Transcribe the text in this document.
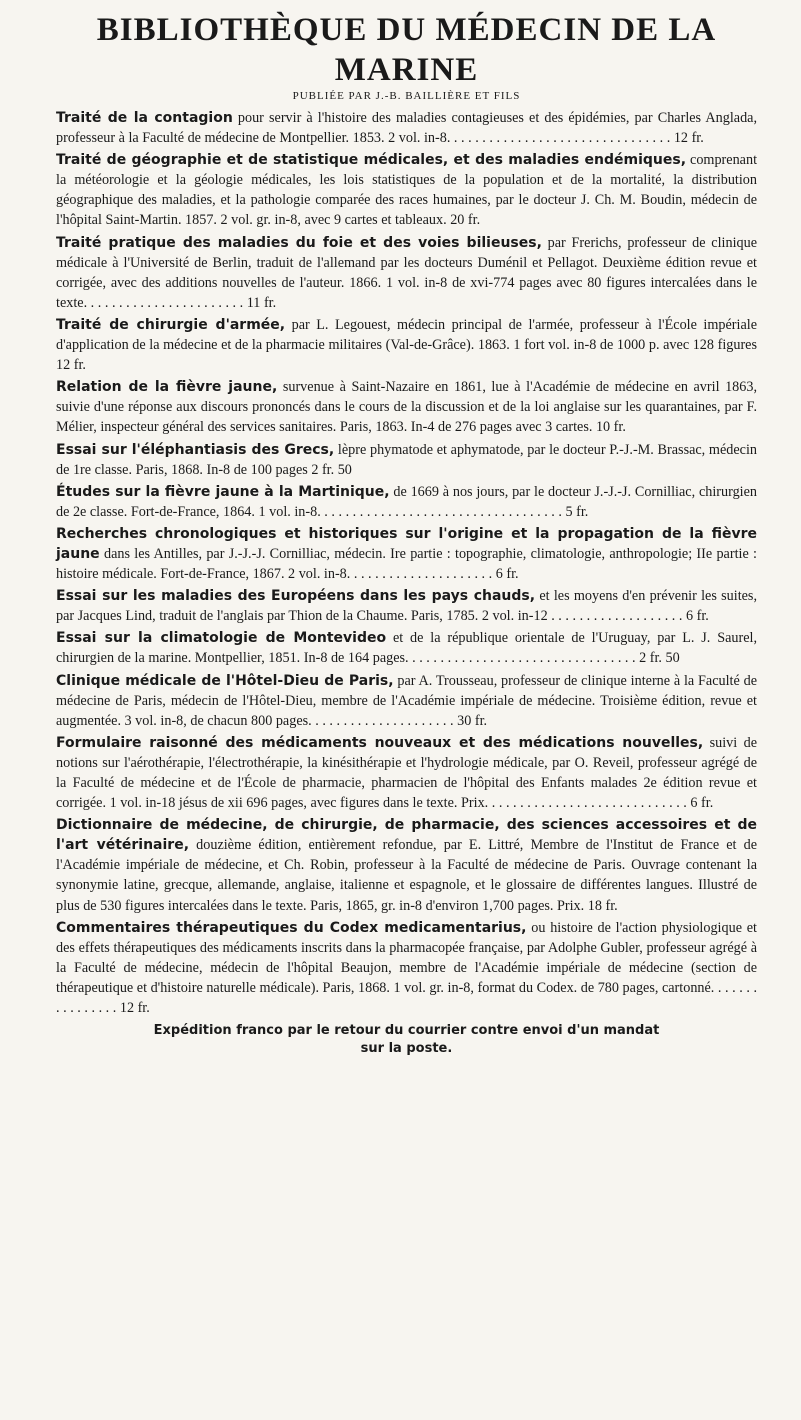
BIBLIOTHÈQUE DU MÉDECIN DE LA MARINE

PUBLIÉE PAR J.-B. BAILLIÈRE ET FILS

Traité de la contagion pour servir à l'histoire des maladies contagieuses et des épidémies, par Charles Anglada, professeur à la Faculté de médecine de Montpellier. 1853. 2 vol. in-8. . . . . . . . . . . . . . . . . . . . . . . . . . . . . . . . 12 fr.

Traité de géographie et de statistique médicales, et des maladies endémiques, comprenant la météorologie et la géologie médicales, les lois statistiques de la population et de la mortalité, la distribution géographique des maladies, et la pathologie comparée des races humaines, par le docteur J. Ch. M. Boudin, médecin de l'hôpital Saint-Martin. 1857. 2 vol. gr. in-8, avec 9 cartes et tableaux. 20 fr.

Traité pratique des maladies du foie et des voies bilieuses, par Frerichs, professeur de clinique médicale à l'Université de Berlin, traduit de l'allemand par les docteurs Duménil et Pellagot. Deuxième édition revue et corrigée, avec des additions nouvelles de l'auteur. 1866. 1 vol. in-8 de xvi-774 pages avec 80 figures intercalées dans le texte. . . . . . . . . . . . . . . . . . . . . . . 11 fr.

Traité de chirurgie d'armée, par L. Legouest, médecin principal de l'armée, professeur à l'École impériale d'application de la médecine et de la pharmacie militaires (Val-de-Grâce). 1863. 1 fort vol. in-8 de 1000 p. avec 128 figures 12 fr.

Relation de la fièvre jaune, survenue à Saint-Nazaire en 1861, lue à l'Académie de médecine en avril 1863, suivie d'une réponse aux discours prononcés dans le cours de la discussion et de la loi anglaise sur les quarantaines, par F. Mélier, inspecteur général des services sanitaires. Paris, 1863. In-4 de 276 pages avec 3 cartes. 10 fr.

Essai sur l'éléphantiasis des Grecs, lèpre phymatode et aphymatode, par le docteur P.-J.-M. Brassac, médecin de 1re classe. Paris, 1868. In-8 de 100 pages 2 fr. 50

Études sur la fièvre jaune à la Martinique, de 1669 à nos jours, par le docteur J.-J.-J. Cornilliac, chirurgien de 2e classe. Fort-de-France, 1864. 1 vol. in-8. . . . . . . . . . . . . . . . . . . . . . . . . . . . . . . . . . . 5 fr.

Recherches chronologiques et historiques sur l'origine et la propagation de la fièvre jaune dans les Antilles, par J.-J.-J. Cornilliac, médecin. Ire partie : topographie, climatologie, anthropologie; IIe partie : histoire médicale. Fort-de-France, 1867. 2 vol. in-8. . . . . . . . . . . . . . . . . . . . . 6 fr.

Essai sur les maladies des Européens dans les pays chauds, et les moyens d'en prévenir les suites, par Jacques Lind, traduit de l'anglais par Thion de la Chaume. Paris, 1785. 2 vol. in-12 . . . . . . . . . . . . . . . . . . . 6 fr.

Essai sur la climatologie de Montevideo et de la république orientale de l'Uruguay, par L. J. Saurel, chirurgien de la marine. Montpellier, 1851. In-8 de 164 pages. . . . . . . . . . . . . . . . . . . . . . . . . . . . . . . . . 2 fr. 50

Clinique médicale de l'Hôtel-Dieu de Paris, par A. Trousseau, professeur de clinique interne à la Faculté de médecine de Paris, médecin de l'Hôtel-Dieu, membre de l'Académie impériale de médecine. Troisième édition, revue et augmentée. 3 vol. in-8, de chacun 800 pages. . . . . . . . . . . . . . . . . . . . . 30 fr.

Formulaire raisonné des médicaments nouveaux et des médications nouvelles, suivi de notions sur l'aérothérapie, l'électrothérapie, la kinésithérapie et l'hydrologie médicale, par O. Reveil, professeur agrégé de la Faculté de médecine et de l'École de pharmacie, pharmacien de l'hôpital des Enfants malades 2e édition revue et corrigée. 1 vol. in-18 jésus de xii 696 pages, avec figures dans le texte. Prix. . . . . . . . . . . . . . . . . . . . . . . . . . . . . 6 fr.

Dictionnaire de médecine, de chirurgie, de pharmacie, des sciences accessoires et de l'art vétérinaire, douzième édition, entièrement refondue, par E. Littré, Membre de l'Institut de France et de l'Académie impériale de médecine, et Ch. Robin, professeur à la Faculté de médecine de Paris. Ouvrage contenant la synonymie latine, grecque, allemande, anglaise, italienne et espagnole, et le glossaire de différentes langues. Illustré de plus de 530 figures intercalées dans le texte. Paris, 1865, gr. in-8 d'environ 1,700 pages. Prix. 18 fr.

Commentaires thérapeutiques du Codex medicamentarius, ou histoire de l'action physiologique et des effets thérapeutiques des médicaments inscrits dans la pharmacopée française, par Adolphe Gubler, professeur agrégé à la Faculté de médecine, médecin de l'hôpital Beaujon, membre de l'Académie impériale de médecine (section de thérapeutique et d'histoire naturelle médicale). Paris, 1868. 1 vol. gr. in-8, format du Codex. de 780 pages, cartonné. . . . . . . . . . . . . . . . 12 fr.

Expédition franco par le retour du courrier contre envoi d'un mandat
sur la poste.
